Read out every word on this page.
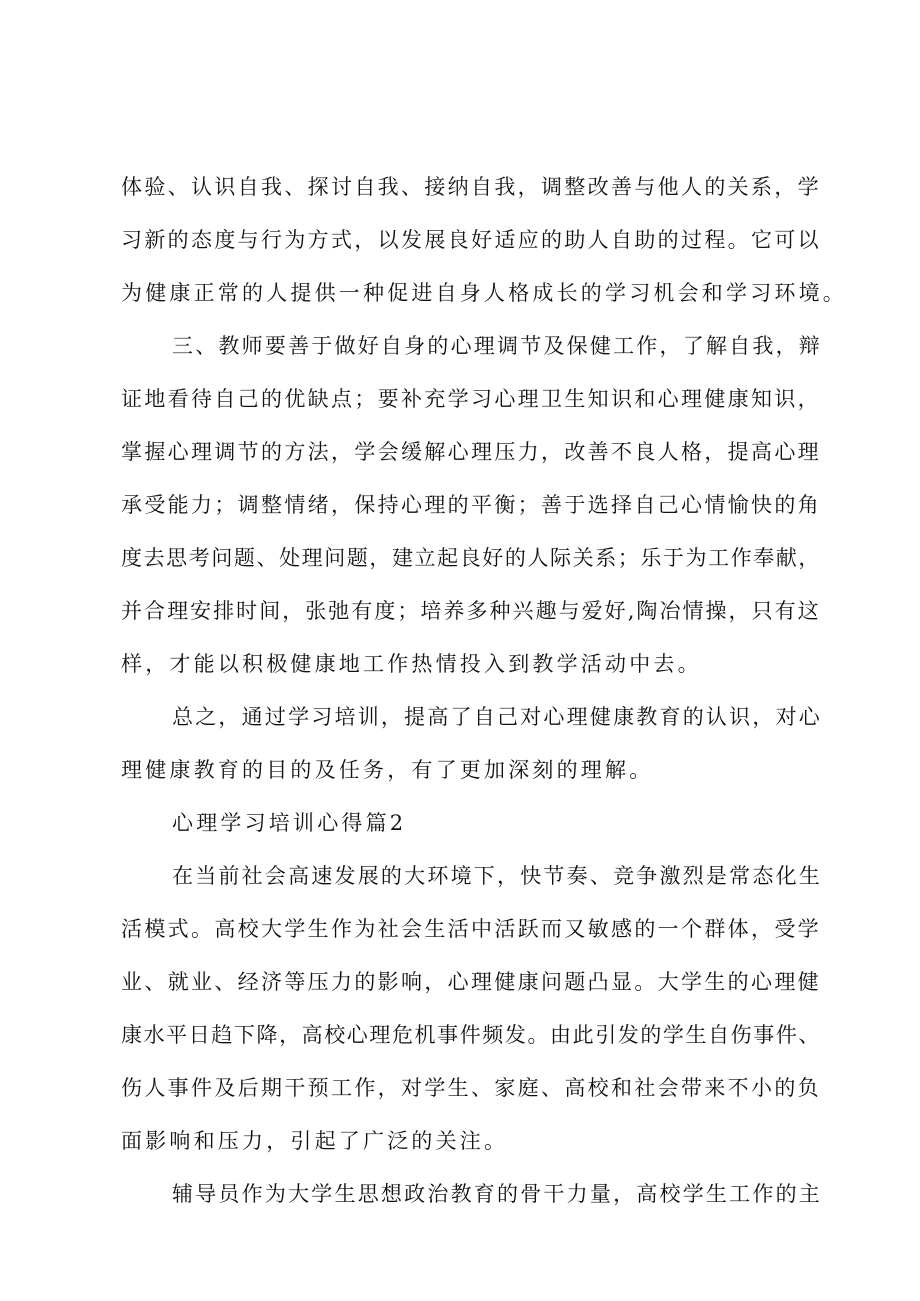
体验、认识自我、探讨自我、接纳自我，调整改善与他人的关系，学
习新的态度与行为方式，以发展良好适应的助人自助的过程。它可以
为健康正常的人提供一种促进自身人格成长的学习机会和学习环境。
三、教师要善于做好自身的心理调节及保健工作，了解自我，辩
证地看待自己的优缺点；要补充学习心理卫生知识和心理健康知识，
掌握心理调节的方法，学会缓解心理压力，改善不良人格，提高心理
承受能力；调整情绪，保持心理的平衡；善于选择自己心情愉快的角
度去思考问题、处理问题，建立起良好的人际关系；乐于为工作奉献，
并合理安排时间，张弛有度；培养多种兴趣与爱好,陶冶情操，只有这
样，才能以积极健康地工作热情投入到教学活动中去。
总之，通过学习培训，提高了自己对心理健康教育的认识，对心
理健康教育的目的及任务，有了更加深刻的理解。
心理学习培训心得篇2
在当前社会高速发展的大环境下，快节奏、竞争激烈是常态化生
活模式。高校大学生作为社会生活中活跃而又敏感的一个群体，受学
业、就业、经济等压力的影响，心理健康问题凸显。大学生的心理健
康水平日趋下降，高校心理危机事件频发。由此引发的学生自伤事件、
伤人事件及后期干预工作，对学生、家庭、高校和社会带来不小的负
面影响和压力，引起了广泛的关注。
辅导员作为大学生思想政治教育的骨干力量，高校学生工作的主
